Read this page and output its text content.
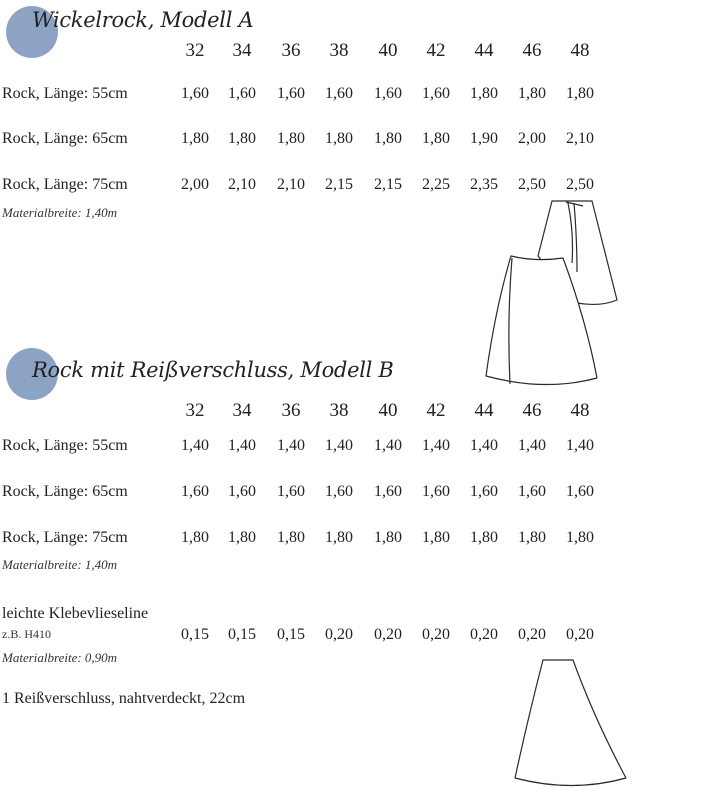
Wickelrock, Modell A
32	34	36	38	40	42	44	46	48
Rock, Länge: 55cm	1,60	1,60	1,60	1,60	1,60	1,60	1,80	1,80	1,80
Rock, Länge: 65cm	1,80	1,80	1,80	1,80	1,80	1,80	1,90	2,00	2,10
Rock, Länge: 75cm	2,00	2,10	2,10	2,15	2,15	2,25	2,35	2,50	2,50
Materialbreite: 1,40m
Rock mit Reißverschluss, Modell B
32	34	36	38	40	42	44	46	48
Rock, Länge: 55cm	1,40	1,40	1,40	1,40	1,40	1,40	1,40	1,40	1,40
Rock, Länge: 65cm	1,60	1,60	1,60	1,60	1,60	1,60	1,60	1,60	1,60
Rock, Länge: 75cm	1,80	1,80	1,80	1,80	1,80	1,80	1,80	1,80	1,80
Materialbreite: 1,40m
leichte Klebevlieseline
z.B. H410	0,15	0,15	0,15	0,20	0,20	0,20	0,20	0,20	0,20
Materialbreite: 0,90m
1 Reißverschluss, nahtverdeckt, 22cm
